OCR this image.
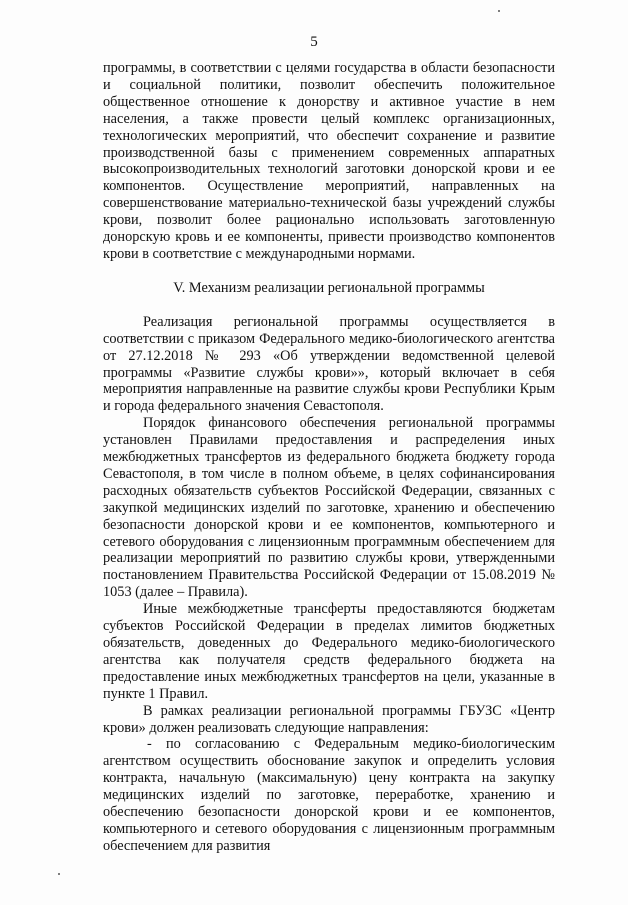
5

программы, в соответствии с целями государства в области безопасности и социальной политики, позволит обеспечить положительное общественное отношение к донорству и активное участие в нем населения, а также провести целый комплекс организационных, технологических мероприятий, что обеспечит сохранение и развитие производственной базы с применением современных аппаратных высокопроизводительных технологий заготовки донорской крови и ее компонентов. Осуществление мероприятий, направленных на совершенствование материально-технической базы учреждений службы крови, позволит более рационально использовать заготовленную донорскую кровь и ее компоненты, привести производство компонентов крови в соответствие с международными нормами.

V. Механизм реализации региональной программы

Реализация региональной программы осуществляется в соответствии с приказом Федерального медико-биологического агентства от 27.12.2018 № 293 «Об утверждении ведомственной целевой программы «Развитие службы крови»», который включает в себя мероприятия направленные на развитие службы крови Республики Крым и города федерального значения Севастополя.

Порядок финансового обеспечения региональной программы установлен Правилами предоставления и распределения иных межбюджетных трансфертов из федерального бюджета бюджету города Севастополя, в том числе в полном объеме, в целях софинансирования расходных обязательств субъектов Российской Федерации, связанных с закупкой медицинских изделий по заготовке, хранению и обеспечению безопасности донорской крови и ее компонентов, компьютерного и сетевого оборудования с лицензионным программным обеспечением для реализации мероприятий по развитию службы крови, утвержденными постановлением Правительства Российской Федерации от 15.08.2019 № 1053 (далее – Правила).

Иные межбюджетные трансферты предоставляются бюджетам субъектов Российской Федерации в пределах лимитов бюджетных обязательств, доведенных до Федерального медико-биологического агентства как получателя средств федерального бюджета на предоставление иных межбюджетных трансфертов на цели, указанные в пункте 1 Правил.

В рамках реализации региональной программы ГБУЗС «Центр крови» должен реализовать следующие направления:

- по согласованию с Федеральным медико-биологическим агентством осуществить обоснование закупок и определить условия контракта, начальную (максимальную) цену контракта на закупку медицинских изделий по заготовке, переработке, хранению и обеспечению безопасности донорской крови и ее компонентов, компьютерного и сетевого оборудования с лицензионным программным обеспечением для развития
